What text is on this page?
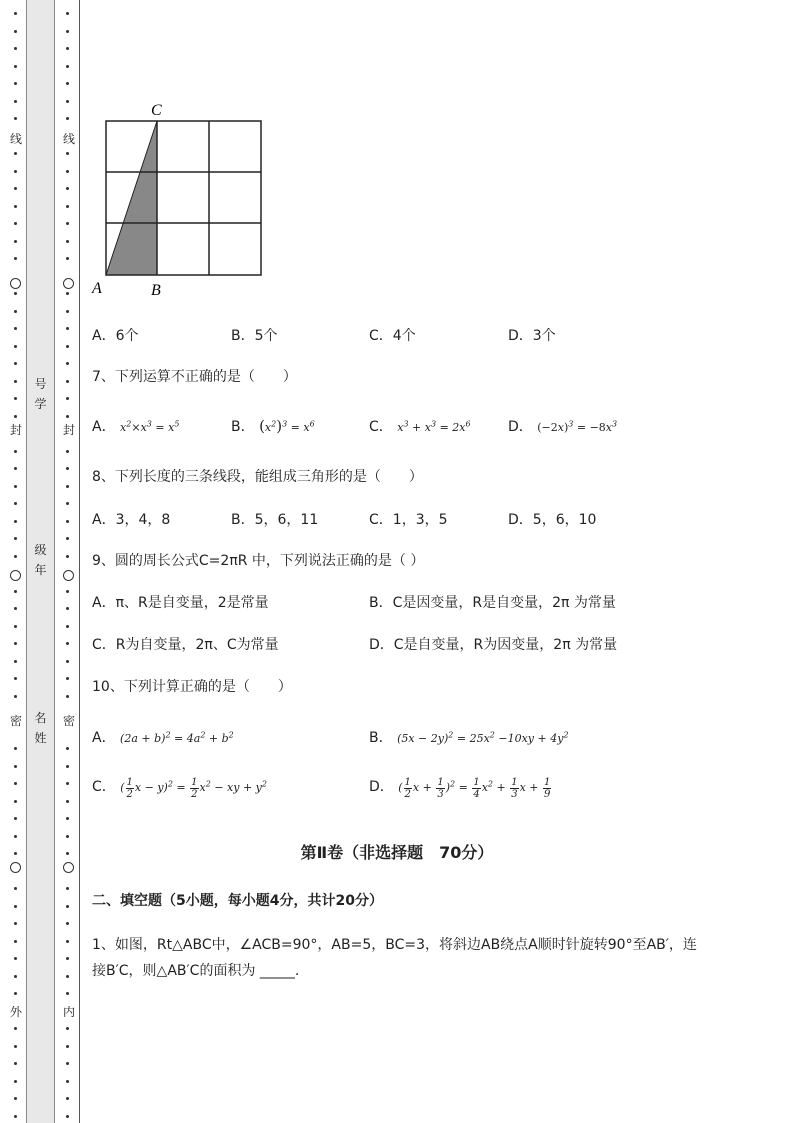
线
封
密
外
号
学
级
年
名
姓
线
封
密
内
C
A	B
A．6个	B．5个	C．4个	D．3个
7、下列运算不正确的是（　　）
A． $x^2\times x^3 = x^5$	B． $(x^2)^3 = x^6$	C． $x^3 + x^3 = 2x^6$	D． $(-2x)^3 = -8x^3$
8、下列长度的三条线段，能组成三角形的是（　　）
A．3，4，8	B．5，6，11	C．1，3，5	D．5，6，10
9、圆的周长公式C=2πR 中，下列说法正确的是（ ）
A．π、R是自变量，2是常量	B．C是因变量，R是自变量，2π 为常量
C．R为自变量，2π、C为常量	D．C是自变量，R为因变量，2π 为常量
10、下列计算正确的是（　　）
A． $(2a + b)^2 = 4a^2 + b^2$	B． $(5x - 2y)^2 = 25x^2 -10xy + 4y^2$
C． ( $\frac{1}{2}$ $x - y)^2 = \frac{1}{2} x^2$ − xy + $y^2$	D． ( $\frac{1}{2}$ $x + \frac{1}{3} )^2 = \frac{1}{4} x^2 + \frac{1}{3}$ $x + \frac{1}{9}$
第Ⅱ卷（非选择题　70分）
二、填空题（5小题，每小题4分，共计20分）
1、如图，Rt△ABC中，∠ACB=90°，AB=5，BC=3，将斜边AB绕点A顺时针旋转90°至AB′，连
接B′C，则△AB′C的面积为 _____.
